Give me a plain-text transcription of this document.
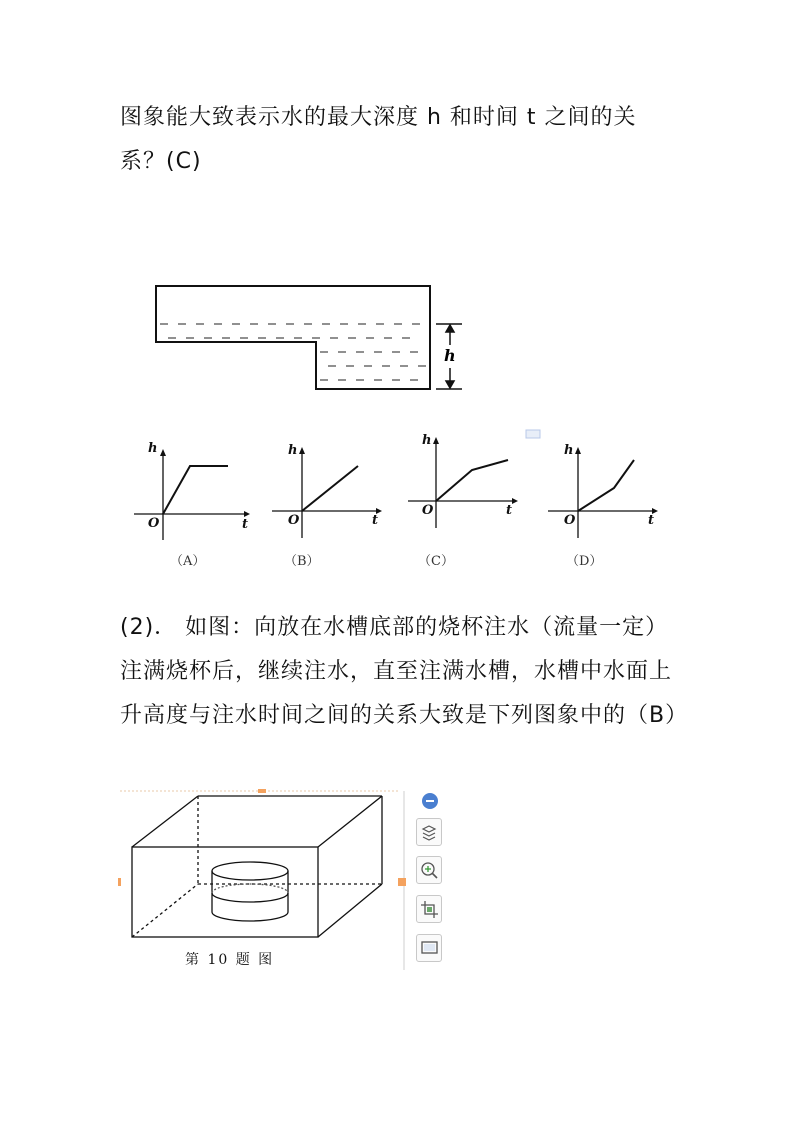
图象能大致表示水的最大深度 h 和时间 t 之间的关系？(C)
h
h
O	t
h
O	t
h
O	t
h
O	t
（A）	（B）	（C）	（D）
第 10 题 图
(2)． 如图：向放在水槽底部的烧杯注水（流量一定）注满烧杯后，继续注水，直至注满水槽，水槽中水面上升高度与注水时间之间的关系大致是下列图象中的（B）
